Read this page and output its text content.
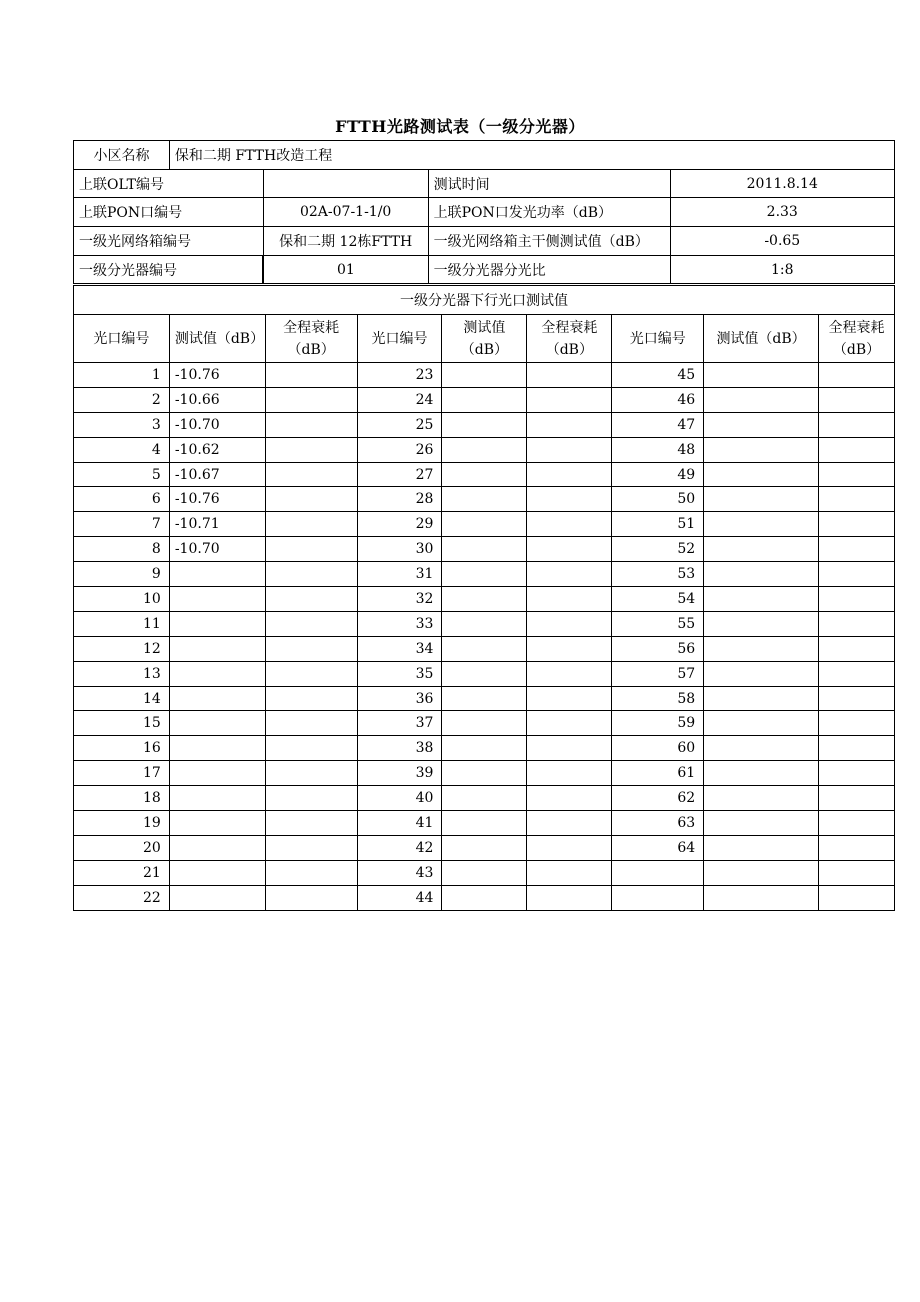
FTTH光路测试表（一级分光器）
小区名称	保和二期 FTTH改造工程			
上联OLT编号			测试时间	2011.8.14
上联PON口编号		02A-07-1-1/0	上联PON口发光功率（dB）	2.33
一级光网络箱编号		保和二期 12栋FTTH	一级光网络箱主干侧测试值（dB）	-0.65
一级分光器编号		01	一级分光器分光比	1:8
一级分光器下行光口测试值								
光口编号	测试值（dB）	全程衰耗（dB）	光口编号	测试值（dB）	全程衰耗（dB）	光口编号	测试值（dB）	全程衰耗（dB）
1	-10.76		23			45		
2	-10.66		24			46		
3	-10.70		25			47		
4	-10.62		26			48		
5	-10.67		27			49		
6	-10.76		28			50		
7	-10.71		29			51		
8	-10.70		30			52		
9			31			53		
10			32			54		
11			33			55		
12			34			56		
13			35			57		
14			36			58		
15			37			59		
16			38			60		
17			39			61		
18			40			62		
19			41			63		
20			42			64		
21			43					
22			44					
